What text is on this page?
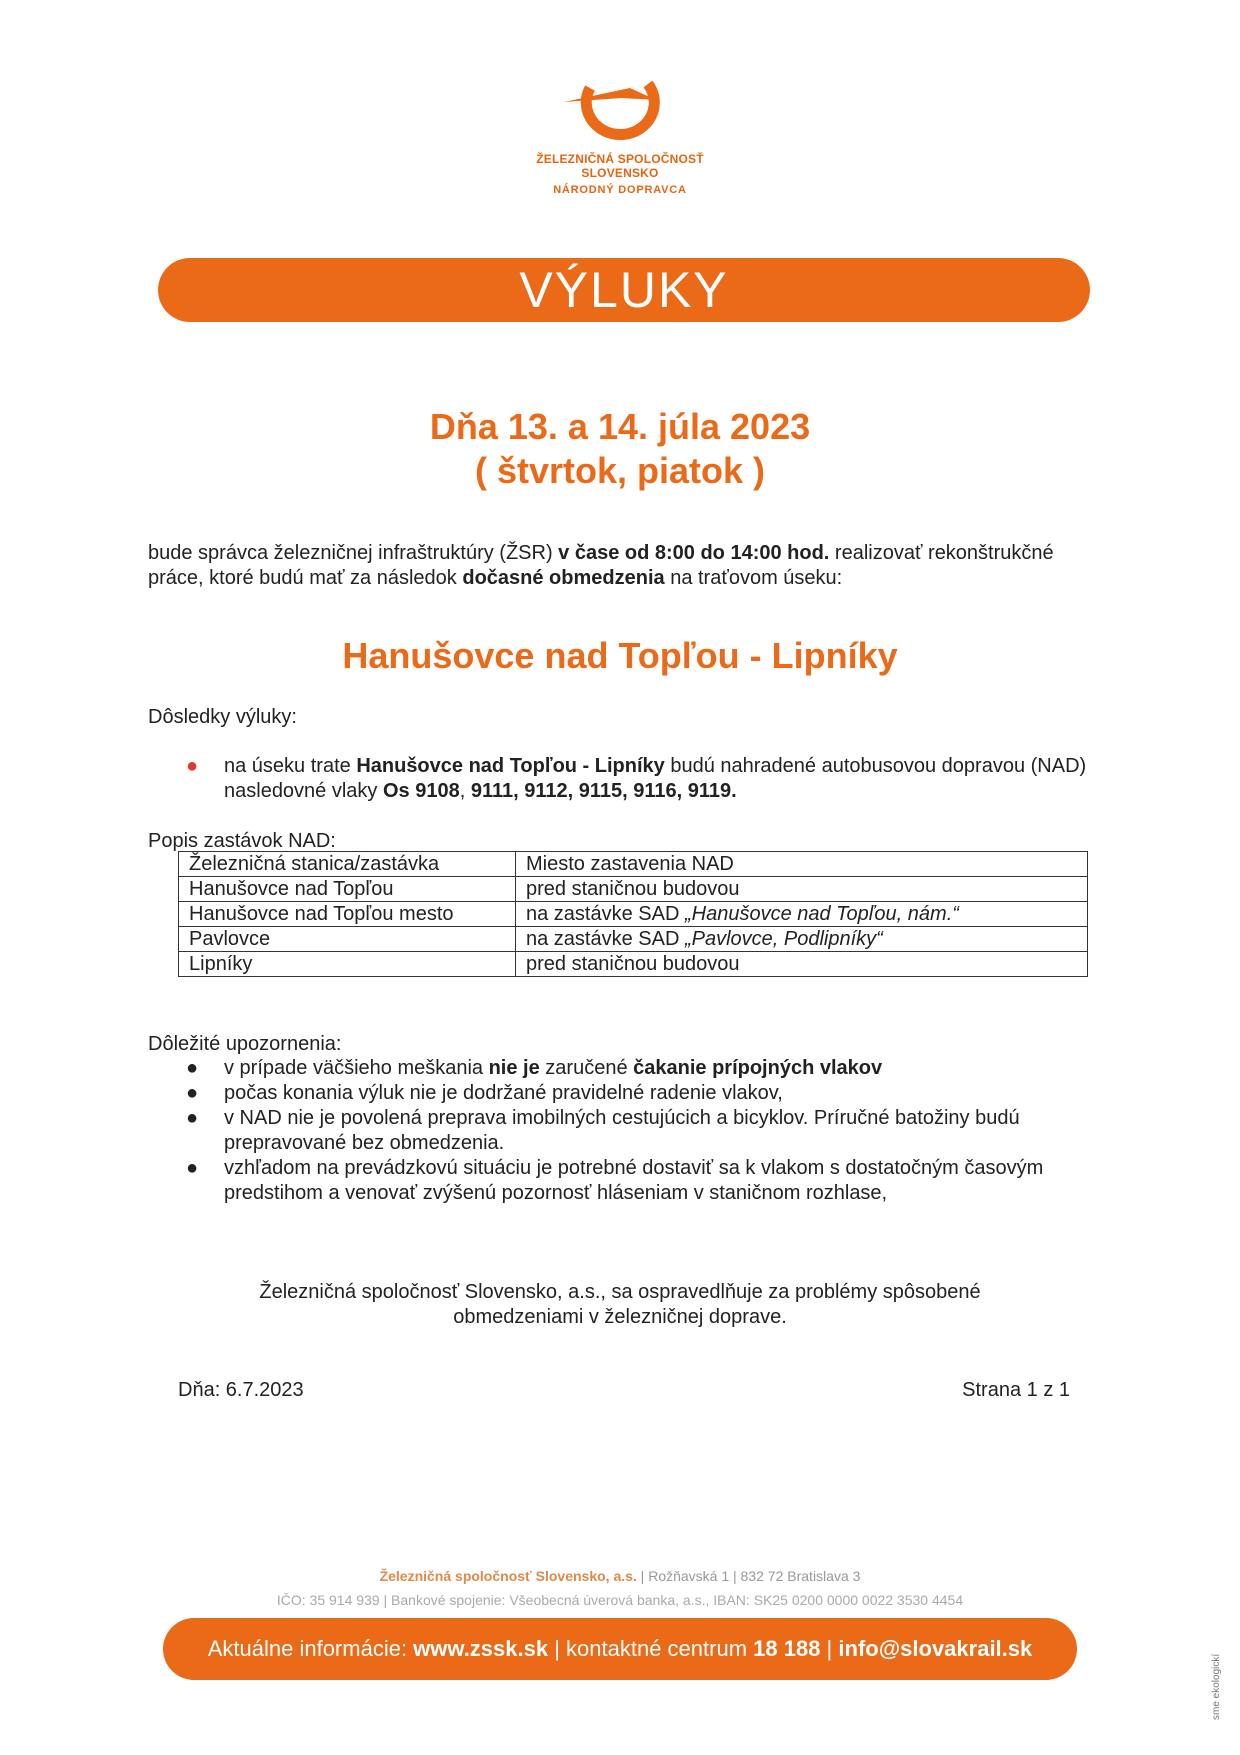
ŽELEZNIČNÁ SPOLOČNOSŤ SLOVENSKO
NÁRODNÝ DOPRAVCA
VÝLUKY
Dňa 13. a 14. júla 2023
( štvrtok, piatok )
bude správca železničnej infraštruktúry (ŽSR) v čase od 8:00 do 14:00 hod. realizovať rekonštrukčné práce, ktoré budú mať za následok dočasné obmedzenia na traťovom úseku:
Hanušovce nad Topľou - Lipníky
Dôsledky výluky:
● na úseku trate Hanušovce nad Topľou - Lipníky budú nahradené autobusovou dopravou (NAD) nasledovné vlaky Os 9108, 9111, 9112, 9115, 9116, 9119.
Popis zastávok NAD:
Železničná stanica/zastávka	Miesto zastavenia NAD
Hanušovce nad Topľou	pred staničnou budovou
Hanušovce nad Topľou mesto	na zastávke SAD „Hanušovce nad Topľou, nám.“
Pavlovce	na zastávke SAD „Pavlovce, Podlipníky“
Lipníky	pred staničnou budovou
Dôležité upozornenia:
● v prípade väčšieho meškania nie je zaručené čakanie prípojných vlakov
● počas konania výluk nie je dodržané pravidelné radenie vlakov,
● v NAD nie je povolená preprava imobilných cestujúcich a bicyklov. Príručné batožiny budú prepravované bez obmedzenia.
● vzhľadom na prevádzkovú situáciu je potrebné dostaviť sa k vlakom s dostatočným časovým predstihom a venovať zvýšenú pozornosť hláseniam v staničnom rozhlase,
Železničná spoločnosť Slovensko, a.s., sa ospravedlňuje za problémy spôsobené
obmedzeniami v železničnej doprave.
Dňa: 6.7.2023	Strana 1 z 1
Železničná spoločnosť Slovensko, a.s. | Rožňavská 1 | 832 72 Bratislava 3
IČO: 35 914 939 | Bankové spojenie: Všeobecná úverová banka, a.s., IBAN: SK25 0200 0000 0022 3530 4454
Aktuálne informácie: www.zssk.sk | kontaktné centrum 18 188 | info@slovakrail.sk
sme ekologickí
